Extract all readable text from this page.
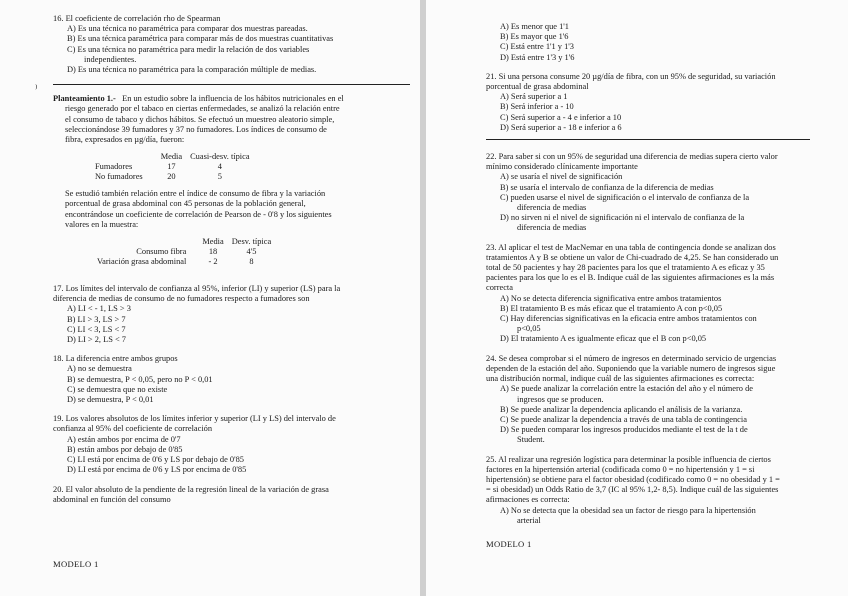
16. El coeficiente de correlación rho de Spearman

A) Es una técnica no paramétrica para comparar dos muestras pareadas.

B) Es una técnica paramétrica para comparar más de dos muestras cuantitativas

C) Es una técnica no paramétrica para medir la relación de dos variables

independientes.

D) Es una técnica no paramétrica para la comparación múltiple de medias.

Planteamiento 1.- En un estudio sobre la influencia de los hábitos nutricionales en el

riesgo generado por el tabaco en ciertas enfermedades, se analizó la relación entre

el consumo de tabaco y dichos hábitos. Se efectuó un muestreo aleatorio simple,

seleccionándose 39 fumadores y 37 no fumadores. Los índices de consumo de

fibra, expresados en µg/día, fueron:

	Media	Cuasi-desv. típica
Fumadores	17	4
No fumadores	20	5

Se estudió también relación entre el índice de consumo de fibra y la variación

porcentual de grasa abdominal con 45 personas de la población general,

encontrándose un coeficiente de correlación de Pearson de - 0'8 y los siguientes

valores en la muestra:

	Media	Desv. típica
Consumo fibra	18	4'5
Variación grasa abdominal	- 2	8

17. Los límites del intervalo de confianza al 95%, inferior (LI) y superior (LS) para la

diferencia de medias de consumo de no fumadores respecto a fumadores son

A) LI < - 1, LS > 3

B) LI > 3, LS > 7

C) LI < 3, LS < 7

D) LI > 2, LS < 7

18. La diferencia entre ambos grupos

A) no se demuestra

B) se demuestra, P < 0,05, pero no P < 0,01

C) se demuestra que no existe

D) se demuestra, P < 0,01

19. Los valores absolutos de los límites inferior y superior (LI y LS) del intervalo de

confianza al 95% del coeficiente de correlación

A) están ambos por encima de 0'7

B) están ambos por debajo de 0'85

C) LI está por encima de 0'6 y LS por debajo de 0'85

D) LI está por encima de 0'6 y LS por encima de 0'85

20. El valor absoluto de la pendiente de la regresión lineal de la variación de grasa

abdominal en función del consumo

⁾
MODELO 1

A) Es menor que 1'1

B) Es mayor que 1'6

C) Está entre 1'1 y 1'3

D) Está entre 1'3 y 1'6

21. Si una persona consume 20 µg/día de fibra, con un 95% de seguridad, su variación

porcentual de grasa abdominal

A) Será superior a 1

B) Será inferior a - 10

C) Será superior a - 4 e inferior a 10

D) Será superior a - 18 e inferior a 6

22. Para saber si con un 95% de seguridad una diferencia de medias supera cierto valor

mínimo considerado clínicamente importante

A) se usaría el nivel de significación

B) se usaría el intervalo de confianza de la diferencia de medias

C) pueden usarse el nivel de significación o el intervalo de confianza de la

diferencia de medias

D) no sirven ni el nivel de significación ni el intervalo de confianza de la

diferencia de medias

23. Al aplicar el test de MacNemar en una tabla de contingencia donde se analizan dos

tratamientos A y B se obtiene un valor de Chi-cuadrado de 4,25. Se han considerado un

total de 50 pacientes y hay 28 pacientes para los que el tratamiento A es eficaz y 35

pacientes para los que lo es el B. Indique cuál de las siguientes afirmaciones es la más

correcta

A) No se detecta diferencia significativa entre ambos tratamientos

B) El tratamiento B es más eficaz que el tratamiento A con p<0,05

C) Hay diferencias significativas en la eficacia entre ambos tratamientos con

p<0,05

D) El tratamiento A es igualmente eficaz que el B con p<0,05

24. Se desea comprobar si el número de ingresos en determinado servicio de urgencias

dependen de la estación del año. Suponiendo que la variable numero de ingresos sigue

una distribución normal, indique cuál de las siguientes afirmaciones es correcta:

A) Se puede analizar la correlación entre la estación del año y el número de

ingresos que se producen.

B) Se puede analizar la dependencia aplicando el análisis de la varianza.

C) Se puede analizar la dependencia a través de una tabla de contingencia

D) Se pueden comparar los ingresos producidos mediante el test de la t de

Student.

25. Al realizar una regresión logística para determinar la posible influencia de ciertos

factores en la hipertensión arterial (codificada como 0 = no hipertensión y 1 = si

hipertensión) se obtiene para el factor obesidad (codificado como 0 = no obesidad y 1 =

= si obesidad) un Odds Ratio de 3,7 (IC al 95% 1,2- 8,5). Indique cuál de las siguientes

afirmaciones es correcta:

A) No se detecta que la obesidad sea un factor de riesgo para la hipertensión

arterial

MODELO 1
